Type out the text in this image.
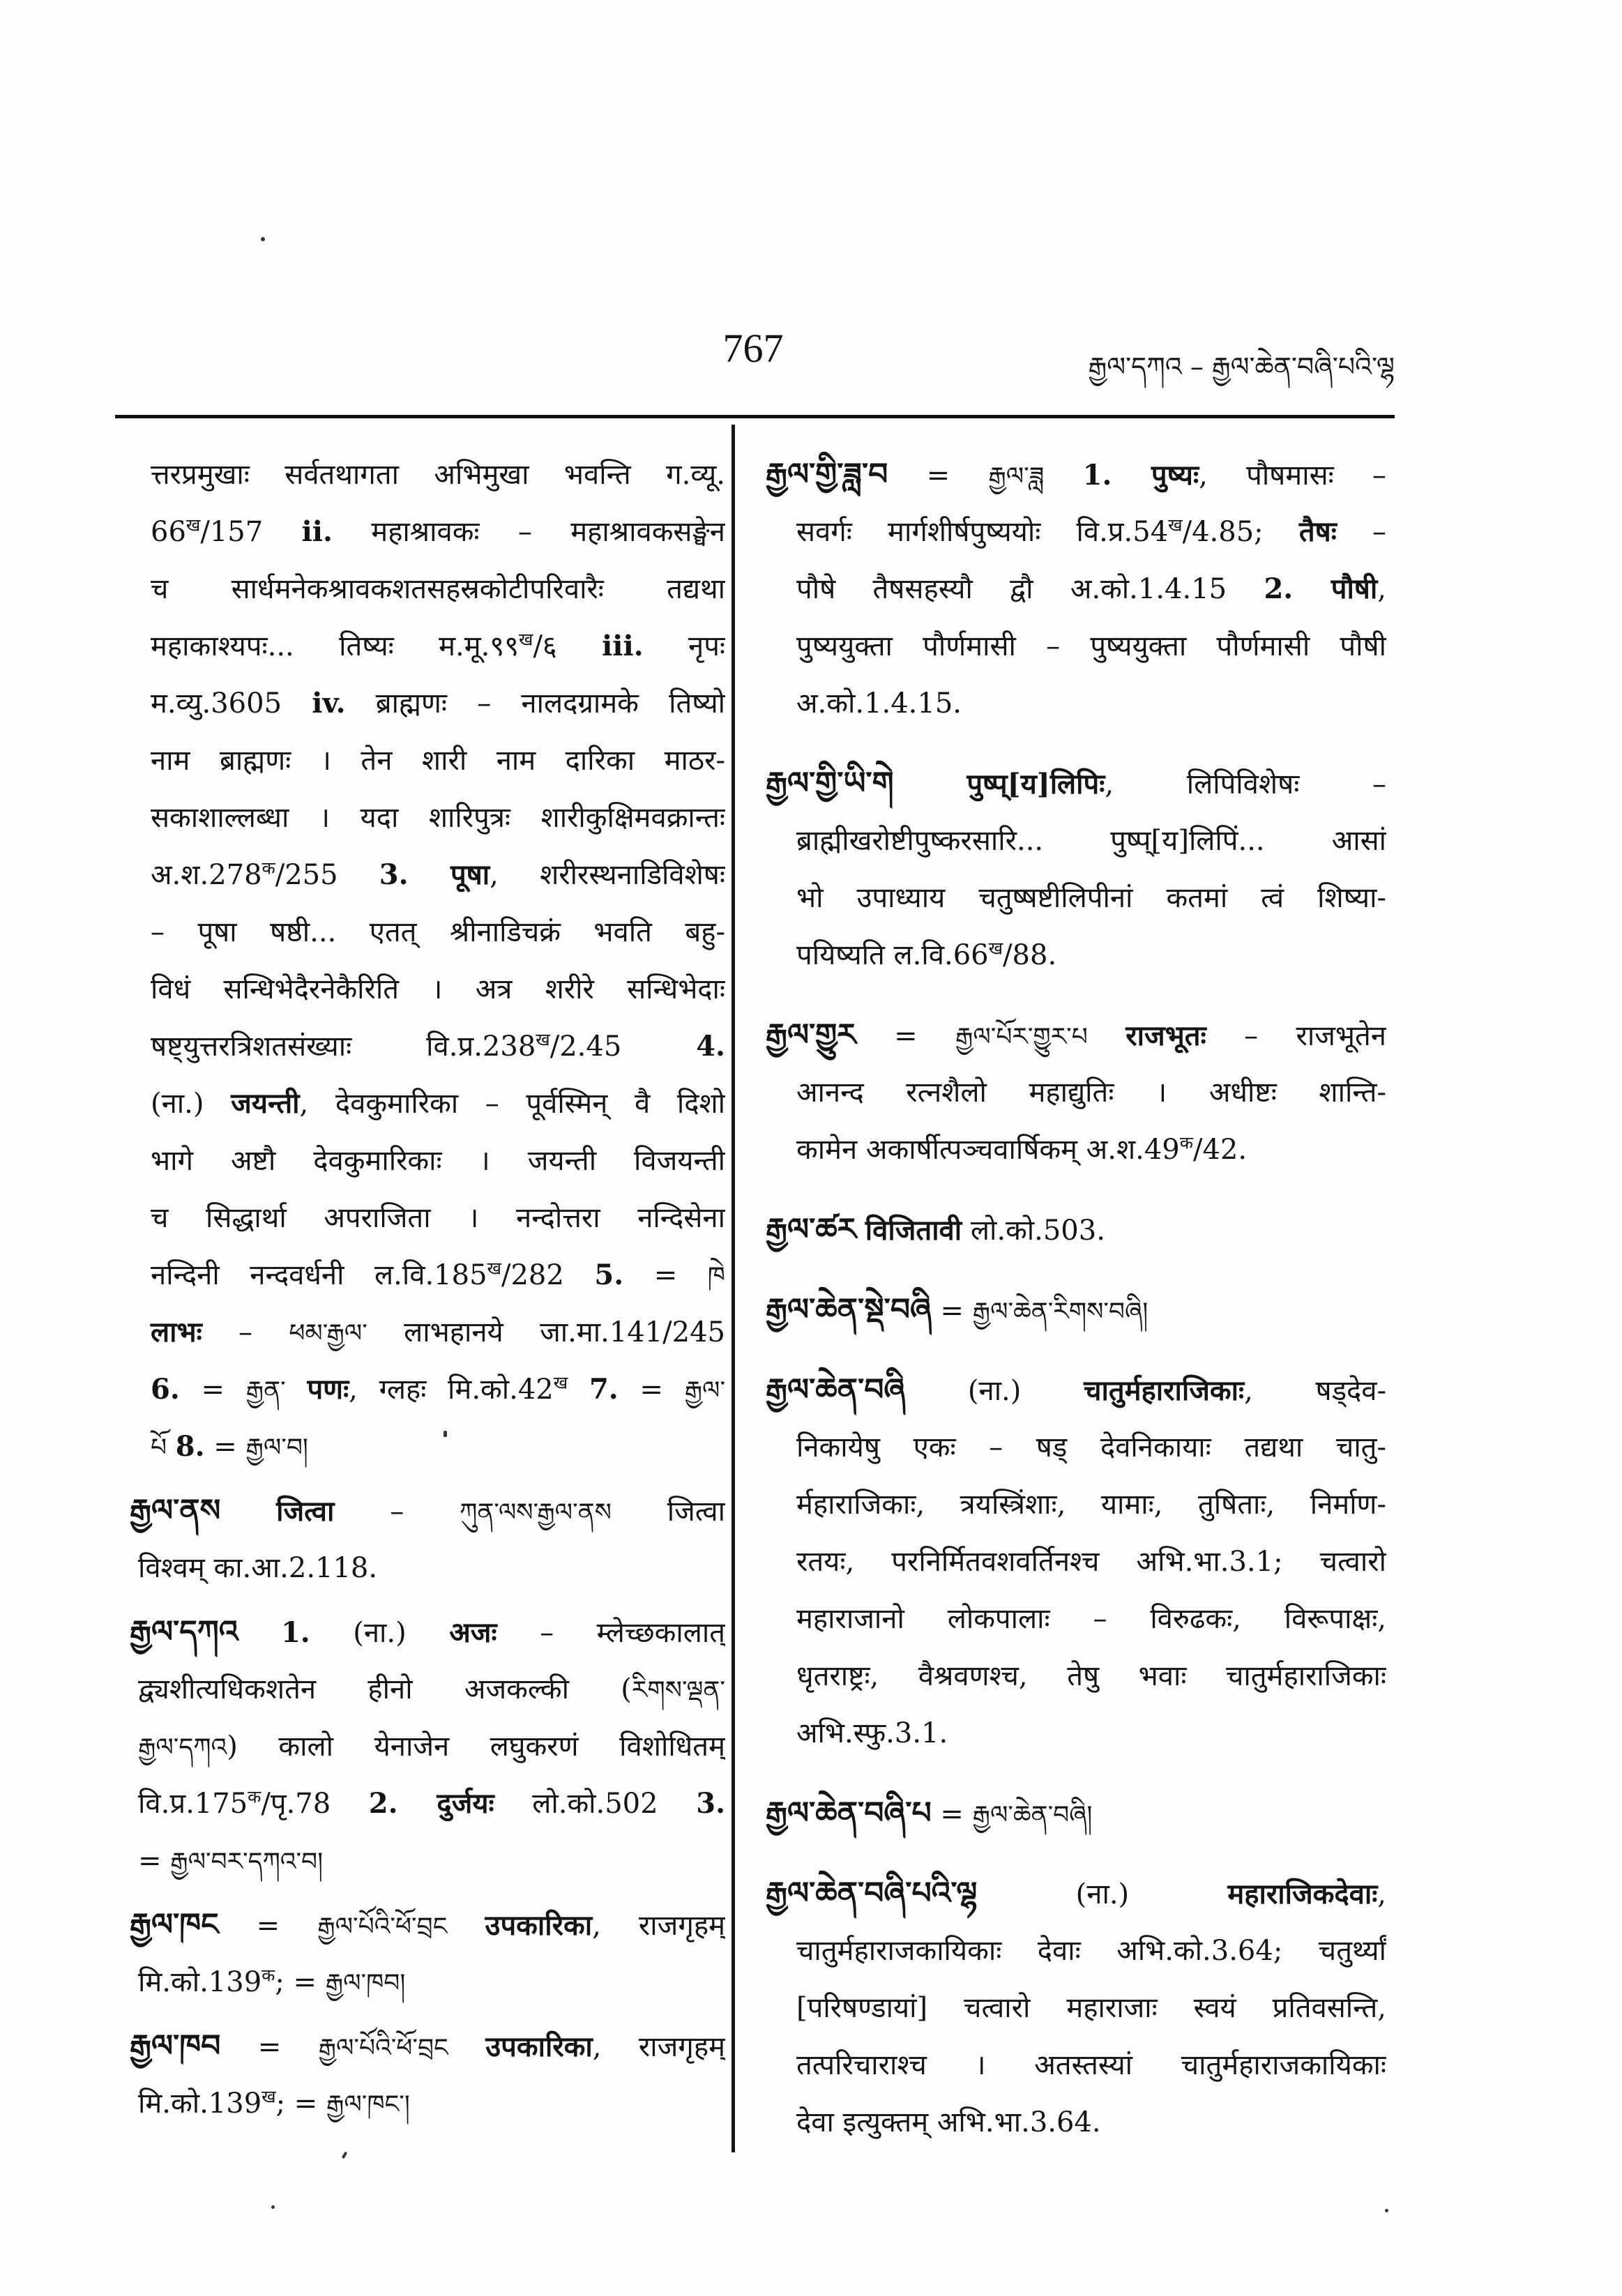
767	རྒྱལ་དཀའ – རྒྱལ་ཆེན་བཞི་པའི་ལྷ
त्तरप्रमुखाः सर्वतथागता अभिमुखा भवन्ति ग.व्यू.
$66^ख/157$ ii. महाश्रावकः – महाश्रावकसङ्घेन
च सार्धमनेकश्रावकशतसहस्रकोटीपरिवारैः तद्यथा
महाकाश्यपः... तिष्यः $म.मू.९९^ख/६$ iii. नृपः
म.व्यु.3605 iv. ब्राह्मणः – नालदग्रामके तिष्यो
नाम ब्राह्मणः । तेन शारी नाम दारिका माठर-
सकाशाल्लब्धा । यदा शारिपुत्रः शारीकुक्षिमवक्रान्तः
$अ.श.278^क/255$ 3. पूषा, शरीरस्थनाडिविशेषः
– पूषा षष्ठी... एतत् श्रीनाडिचक्रं भवति बहु-
विधं सन्धिभेदैरनेकैरिति । अत्र शरीरे सन्धिभेदाः
षष्ट्युत्तरत्रिशतसंख्याः $वि.प्र.238^ख/2.45$ 4.
(ना.) जयन्ती, देवकुमारिका – पूर्वस्मिन् वै दिशो
भागे अष्टौ देवकुमारिकाः । जयन्ती विजयन्ती
च सिद्धार्था अपराजिता । नन्दोत्तरा नन्दिसेना
नन्दिनी नन्दवर्धनी $ल.वि.185^ख/282$ 5. = ཁེ
लाभः – ཕམ་རྒྱལ་ लाभहानये जा.मा.141/245
6. = རྒྱན་ पणः, ग्लहः $मि.को.42^ख$ 7. = རྒྱལ་
པོ 8. = རྒྱལ་བ།
རྒྱལ་ནས जित्वा – ཀུན་ལས་རྒྱལ་ནས जित्वा
विश्वम् का.आ.2.118.
རྒྱལ་དཀའ 1. (ना.) अजः – म्लेच्छकालात्
द्व्यशीत्यधिकशतेन हीनो अजकल्की (རིགས་ལྡན་
རྒྱལ་དཀའ) कालो येनाजेन लघुकरणं विशोधितम्
$वि.प्र.175^क/पृ.78$ 2. दुर्जयः लो.को.502 3.
= རྒྱལ་བར་དཀའ་བ།
རྒྱལ་ཁང = རྒྱལ་པོའི་ཕོ་བྲང उपकारिका, राजगृहम्
$मि.को.139^क$; = རྒྱལ་ཁབ།
རྒྱལ་ཁབ = རྒྱལ་པོའི་ཕོ་བྲང उपकारिका, राजगृहम्
$मि.को.139^ख$; = རྒྱལ་ཁང་།
རྒྱལ་གྱི་ཟླ་བ = རྒྱལ་ཟླ 1. पुष्यः, पौषमासः –
सवर्गः मार्गशीर्षपुष्ययोः $वि.प्र.54^ख/4.85$; तैषः –
पौषे तैषसहस्यौ द्वौ अ.को.1.4.15 2. पौषी,
पुष्ययुक्ता पौर्णमासी – पुष्ययुक्ता पौर्णमासी पौषी
अ.को.1.4.15.
རྒྱལ་གྱི་ཡི་གེ	पुष्प्[य]लिपिः, लिपिविशेषः –
ब्राह्मीखरोष्टीपुष्करसारि... पुष्प्[य]लिपिं... आसां
भो उपाध्याय चतुष्षष्टीलिपीनां कतमां त्वं शिष्या-
पयिष्यति $ल.वि.66^ख/88$.
རྒྱལ་གྱུར = རྒྱལ་པོར་གྱུར་པ राजभूतः – राजभूतेन
आनन्द रत्नशैलो महाद्युतिः । अधीष्टः शान्ति-
कामेन अकार्षीत्पञ्चवार्षिकम् $अ.श.49^क/42$.
རྒྱལ་ཚར विजितावी लो.को.503.
རྒྱལ་ཆེན་སྡེ་བཞི = རྒྱལ་ཆེན་རིགས་བཞི།
རྒྱལ་ཆེན་བཞི (ना.) चातुर्महाराजिकाः, षड्देव-
निकायेषु एकः – षड् देवनिकायाः तद्यथा चातु-
र्महाराजिकाः, त्रयस्त्रिंशाः, यामाः, तुषिताः, निर्माण-
रतयः, परनिर्मितवशवर्तिनश्च अभि.भा.3.1; चत्वारो
महाराजानो लोकपालाः – विरुढकः, विरूपाक्षः,
धृतराष्ट्रः, वैश्रवणश्च, तेषु भवाः चातुर्महाराजिकाः
अभि.स्फु.3.1.
རྒྱལ་ཆེན་བཞི་པ = རྒྱལ་ཆེན་བཞི།
རྒྱལ་ཆེན་བཞི་པའི་ལྷ (ना.) महाराजिकदेवाः,
चातुर्महाराजकायिकाः देवाः अभि.को.3.64; चतुर्थ्यां
[परिषण्डायां] चत्वारो महाराजाः स्वयं प्रतिवसन्ति,
तत्परिचाराश्च । अतस्तस्यां चातुर्महाराजकायिकाः
देवा इत्युक्तम् अभि.भा.3.64.
